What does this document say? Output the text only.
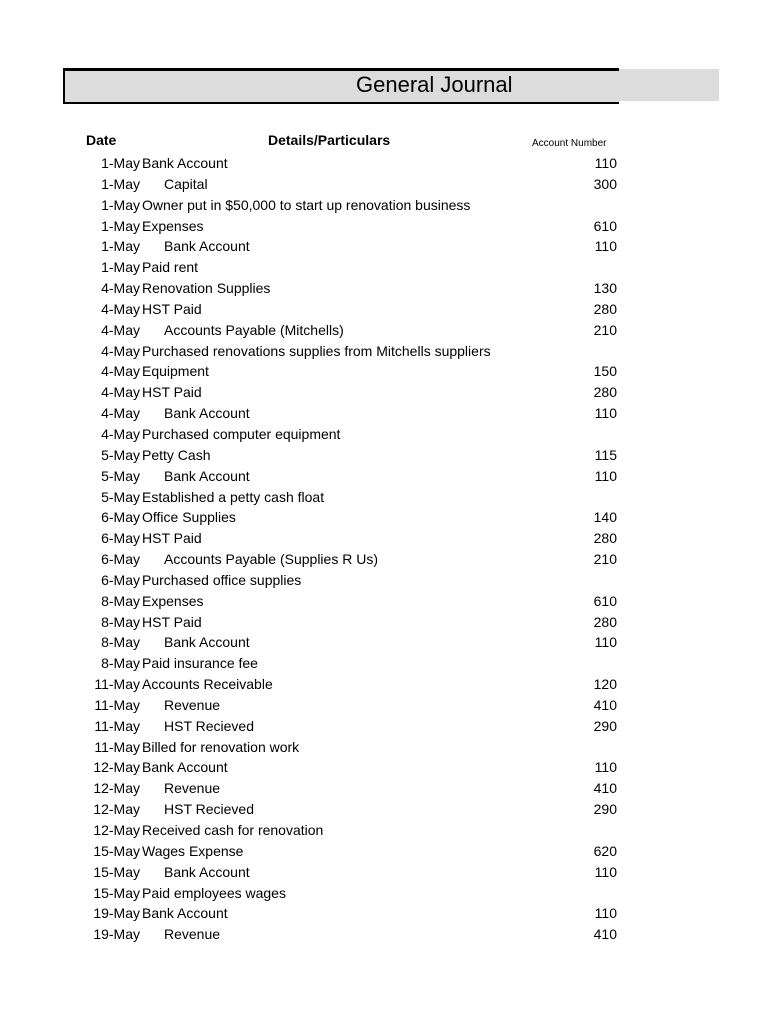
General Journal
Date	Details/Particulars	Account Number
1-May Bank Account	110
1-May Capital	300
1-May Owner put in $50,000 to start up renovation business
1-May Expenses	610
1-May Bank Account	110
1-May Paid rent
4-May Renovation Supplies	130
4-May HST Paid	280
4-May Accounts Payable (Mitchells)	210
4-May Purchased renovations supplies from Mitchells suppliers
4-May Equipment	150
4-May HST Paid	280
4-May Bank Account	110
4-May Purchased computer equipment
5-May Petty Cash	115
5-May Bank Account	110
5-May Established a petty cash float
6-May Office Supplies	140
6-May HST Paid	280
6-May Accounts Payable (Supplies R Us)	210
6-May Purchased office supplies
8-May Expenses	610
8-May HST Paid	280
8-May Bank Account	110
8-May Paid insurance fee
11-May Accounts Receivable	120
11-May Revenue	410
11-May HST Recieved	290
11-May Billed for renovation work
12-May Bank Account	110
12-May Revenue	410
12-May HST Recieved	290
12-May Received cash for renovation
15-May Wages Expense	620
15-May Bank Account	110
15-May Paid employees wages
19-May Bank Account	110
19-May Revenue	410
